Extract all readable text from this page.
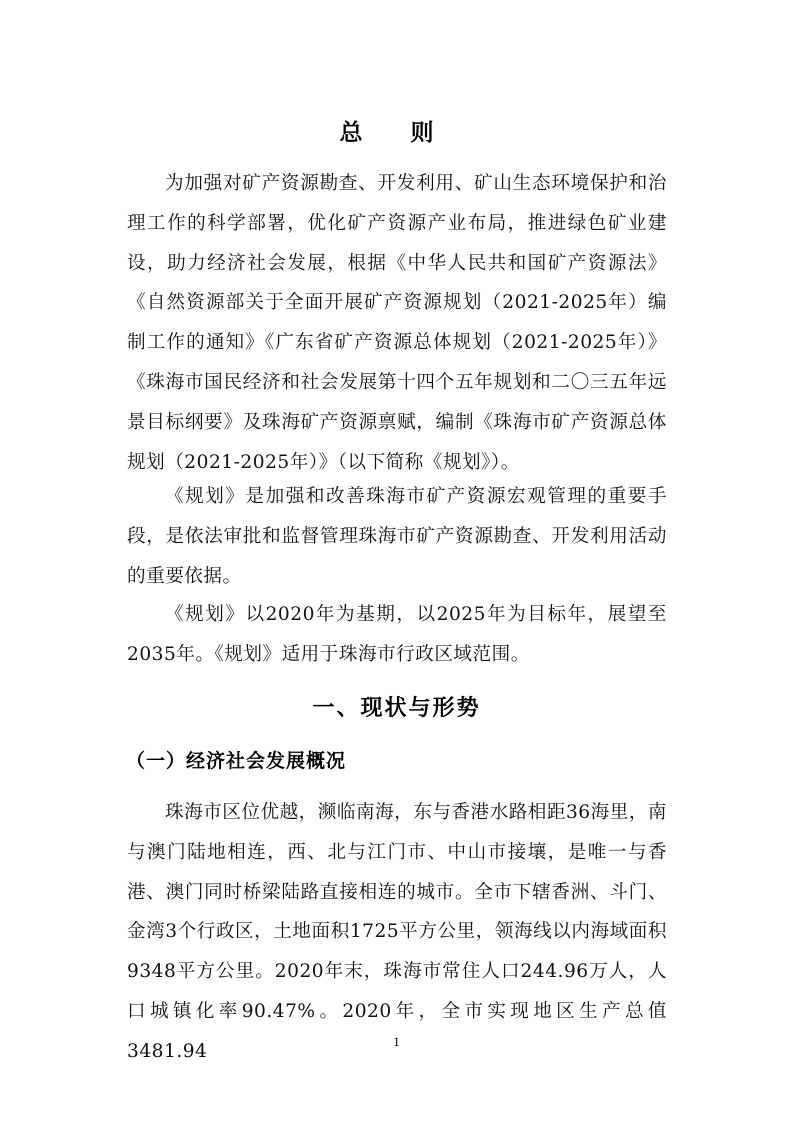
总 则

为加强对矿产资源勘查、开发利用、矿山生态环境保护和治理工作的科学部署，优化矿产资源产业布局，推进绿色矿业建设，助力经济社会发展，根据《中华人民共和国矿产资源法》《自然资源部关于全面开展矿产资源规划（2021-2025年）编制工作的通知》《广东省矿产资源总体规划（2021-2025年）》《珠海市国民经济和社会发展第十四个五年规划和二〇三五年远景目标纲要》及珠海矿产资源禀赋，编制《珠海市矿产资源总体规划（2021-2025年）》（以下简称《规划》）。

《规划》是加强和改善珠海市矿产资源宏观管理的重要手段，是依法审批和监督管理珠海市矿产资源勘查、开发利用活动的重要依据。

《规划》以2020年为基期，以2025年为目标年，展望至2035年。《规划》适用于珠海市行政区域范围。

一、现状与形势
（一）经济社会发展概况

珠海市区位优越，濒临南海，东与香港水路相距36海里，南与澳门陆地相连，西、北与江门市、中山市接壤，是唯一与香港、澳门同时桥梁陆路直接相连的城市。全市下辖香洲、斗门、金湾3个行政区，土地面积1725平方公里，领海线以内海域面积9348平方公里。2020年末，珠海市常住人口244.96万人，人口城镇化率90.47%。2020年，全市实现地区生产总值3481.94	1
